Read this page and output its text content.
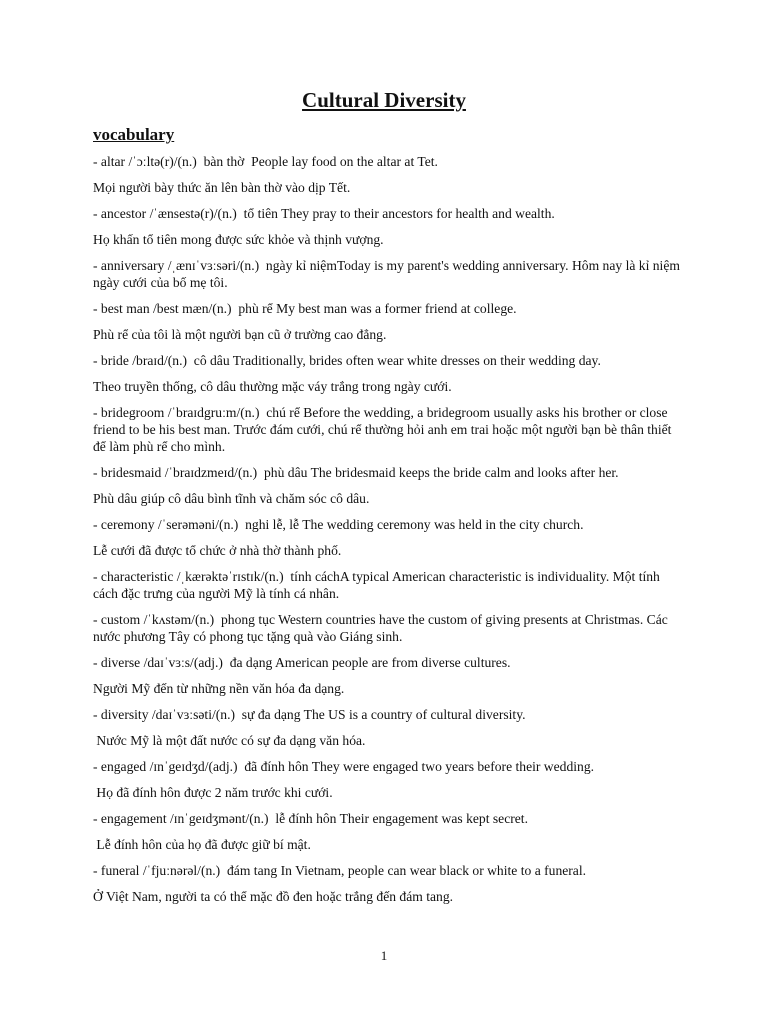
Cultural Diversity
vocabulary

- altar /ˈɔːltə(r)/(n.)  bàn thờ  People lay food on the altar at Tet.

Mọi người bày thức ăn lên bàn thờ vào dịp Tết.

- ancestor /ˈænsestə(r)/(n.)  tổ tiên They pray to their ancestors for health and wealth.

Họ khấn tổ tiên mong được sức khỏe và thịnh vượng.

- anniversary /ˌænɪˈvɜːsəri/(n.)  ngày kỉ niệmToday is my parent's wedding anniversary. Hôm nay là kỉ niệm ngày cưới của bố mẹ tôi.

- best man /best mæn/(n.)  phù rể My best man was a former friend at college.

Phù rể của tôi là một người bạn cũ ở trường cao đẳng.

- bride /braɪd/(n.)  cô dâu Traditionally, brides often wear white dresses on their wedding day.

Theo truyền thống, cô dâu thường mặc váy trắng trong ngày cưới.

- bridegroom /ˈbraɪdgruːm/(n.)  chú rể Before the wedding, a bridegroom usually asks his brother or close friend to be his best man. Trước đám cưới, chú rể thường hỏi anh em trai hoặc một người bạn bè thân thiết để làm phù rể cho mình.

- bridesmaid /ˈbraɪdzmeɪd/(n.)  phù dâu The bridesmaid keeps the bride calm and looks after her.

Phù dâu giúp cô dâu bình tĩnh và chăm sóc cô dâu.

- ceremony /ˈserəməni/(n.)  nghi lễ, lễ The wedding ceremony was held in the city church.

Lễ cưới đã được tổ chức ở nhà thờ thành phố.

- characteristic /ˌkærəktəˈrɪstɪk/(n.)  tính cáchA typical American characteristic is individuality. Một tính cách đặc trưng của người Mỹ là tính cá nhân.

- custom /ˈkʌstəm/(n.)  phong tục Western countries have the custom of giving presents at Christmas. Các nước phương Tây có phong tục tặng quà vào Giáng sinh.

- diverse /daɪˈvɜːs/(adj.)  đa dạng American people are from diverse cultures.

Người Mỹ đến từ những nền văn hóa đa dạng.

- diversity /daɪˈvɜːsəti/(n.)  sự đa dạng The US is a country of cultural diversity.

Nước Mỹ là một đất nước có sự đa dạng văn hóa.

- engaged /ɪnˈgeɪdʒd/(adj.)  đã đính hôn They were engaged two years before their wedding.

Họ đã đính hôn được 2 năm trước khi cưới.

- engagement /ɪnˈgeɪdʒmənt/(n.)  lễ đính hôn Their engagement was kept secret.

Lễ đính hôn của họ đã được giữ bí mật.

- funeral /ˈfjuːnərəl/(n.)  đám tang In Vietnam, people can wear black or white to a funeral.

Ở Việt Nam, người ta có thể mặc đồ đen hoặc trắng đến đám tang.

1
